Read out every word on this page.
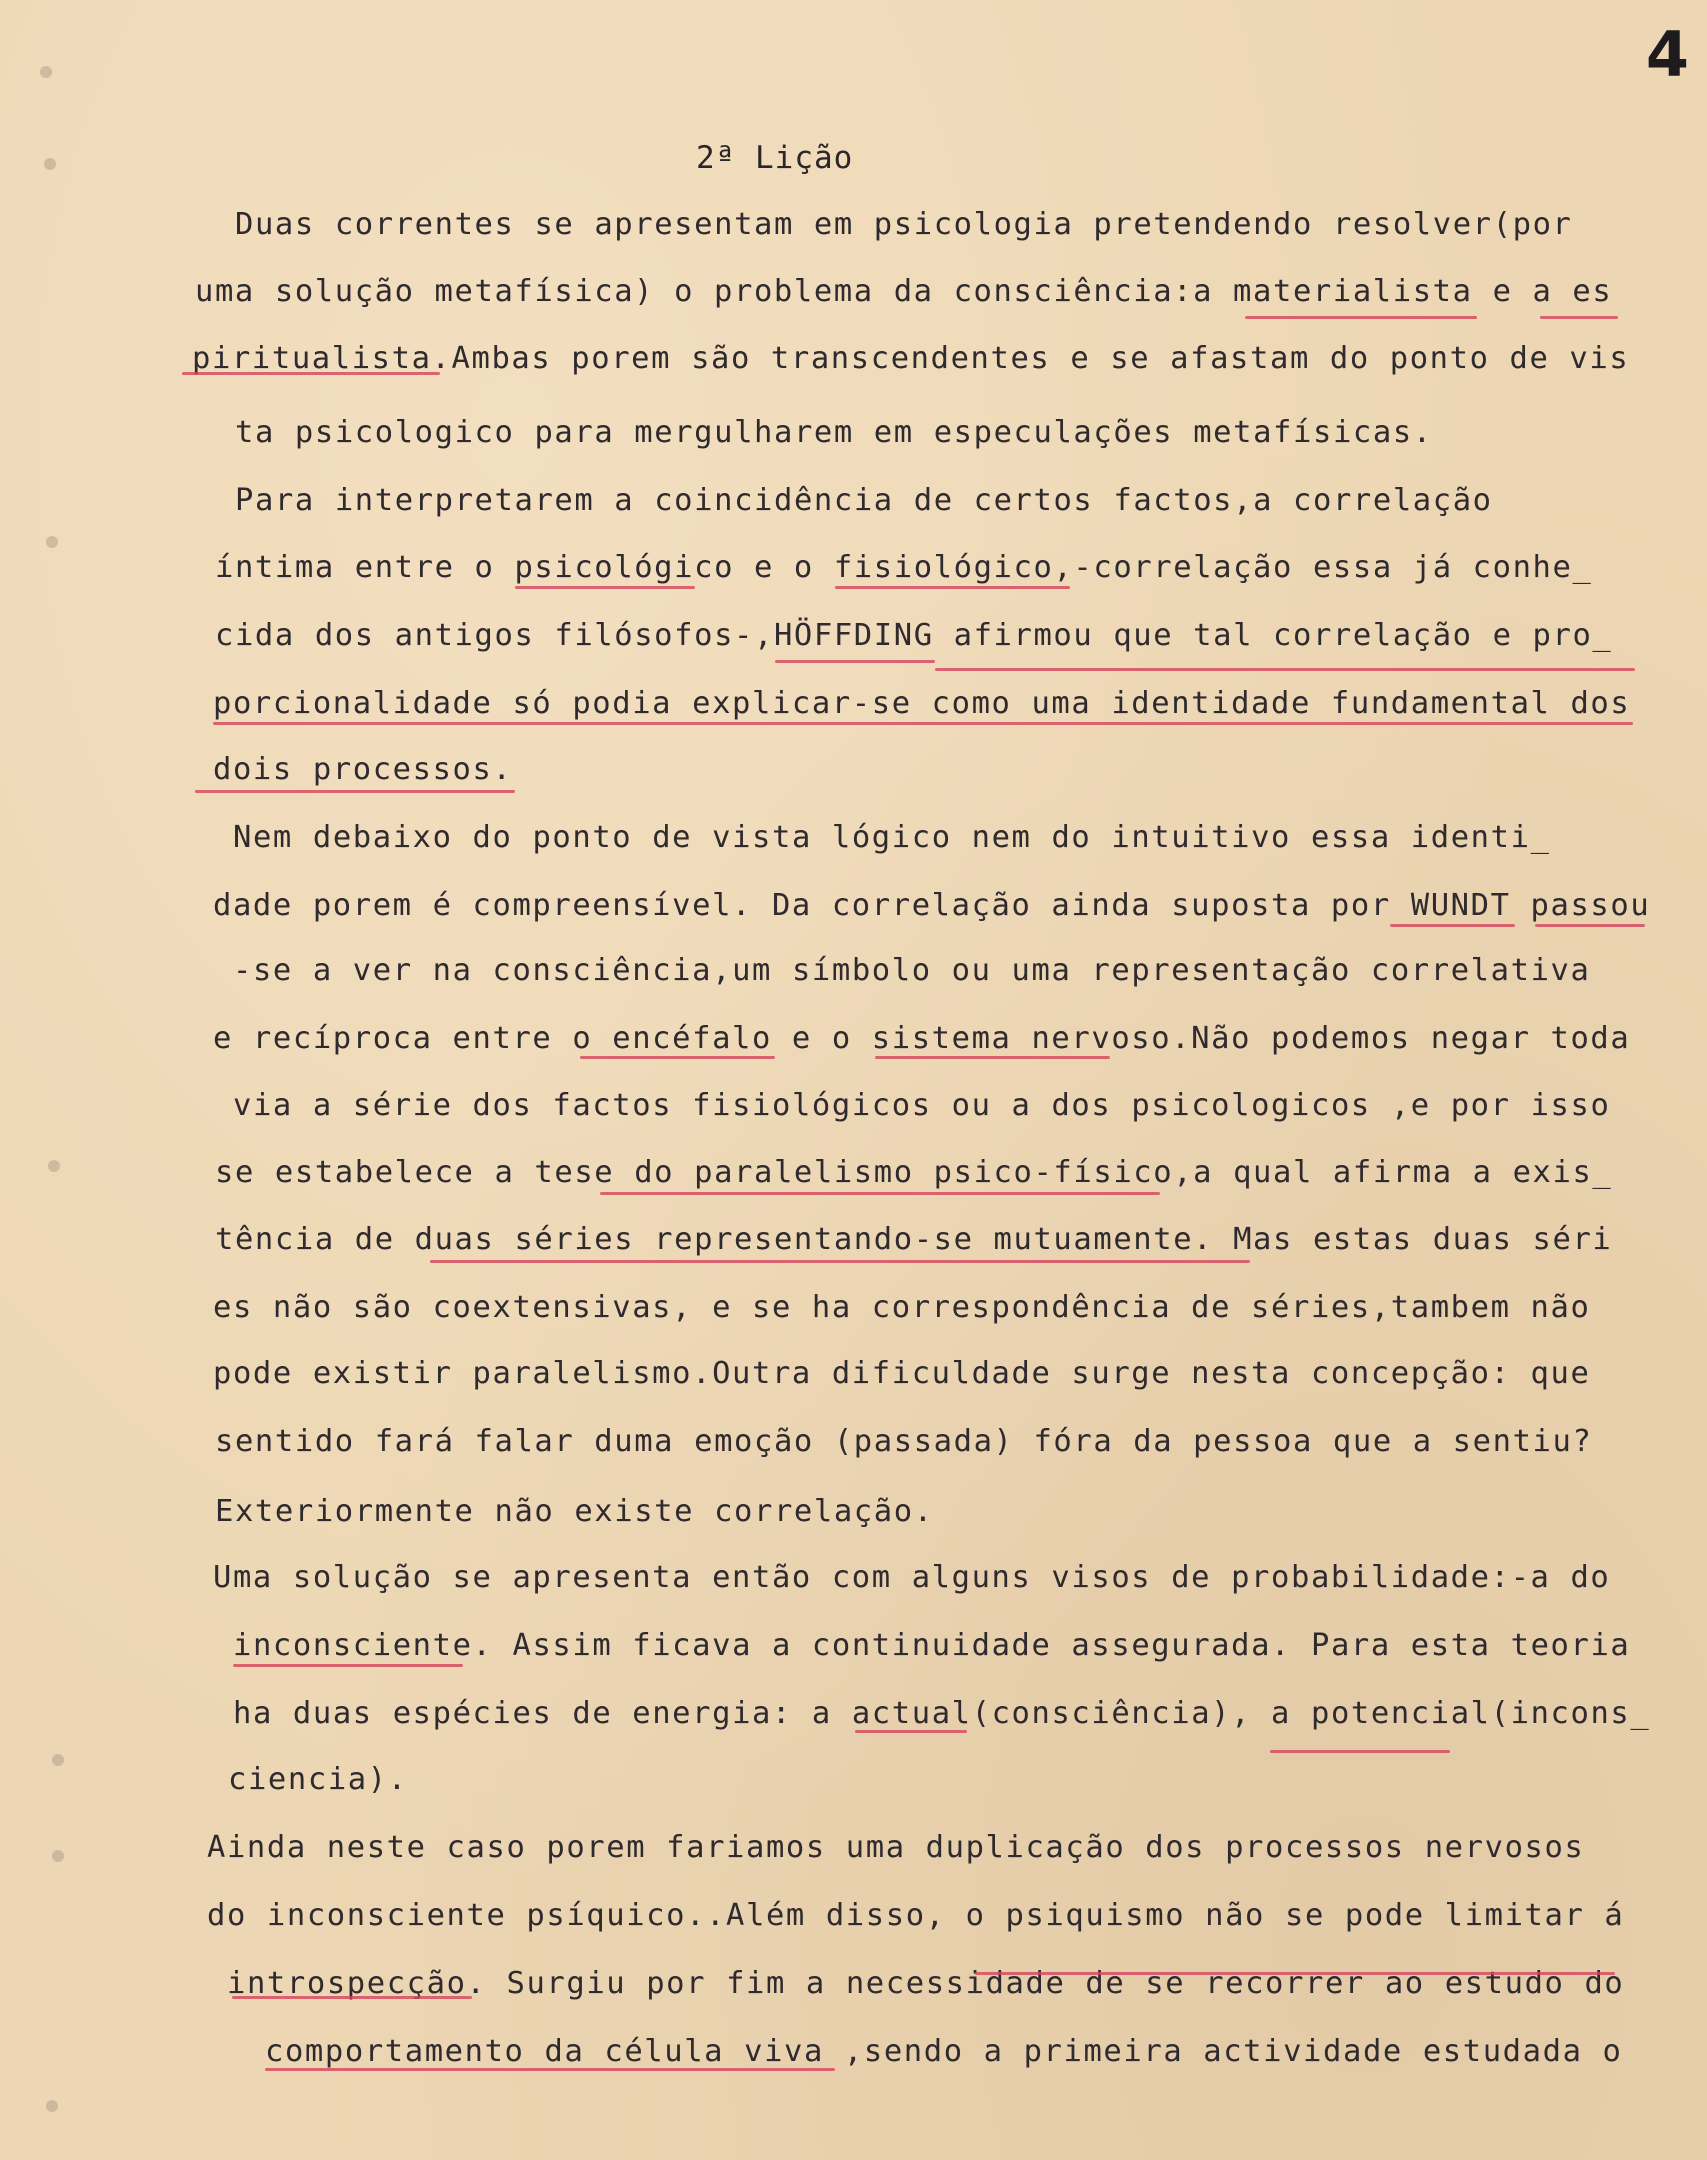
4
2ª Lição
Duas correntes se apresentam em psicologia pretendendo resolver(por
uma solução metafísica) o problema da consciência:a materialista e a es
piritualista.Ambas porem são transcendentes e se afastam do ponto de vis
ta psicologico para mergulharem em especulações metafísicas.
Para interpretarem a coincidência de certos factos,a correlação
íntima entre o psicológico e o fisiológico,-correlação essa já conhe_
cida dos antigos filósofos-,HÖFFDING afirmou que tal correlação e pro_
porcionalidade só podia explicar-se como uma identidade fundamental dos
dois processos.
Nem debaixo do ponto de vista lógico nem do intuitivo essa identi_
dade porem é compreensível. Da correlação ainda suposta por WUNDT passou
-se a ver na consciência,um símbolo ou uma representação correlativa
e recíproca entre o encéfalo e o sistema nervoso.Não podemos negar toda
via a série dos factos fisiológicos ou a dos psicologicos ,e por isso
se estabelece a tese do paralelismo psico-físico,a qual afirma a exis_
tência de duas séries representando-se mutuamente. Mas estas duas séri
es não são coextensivas, e se ha correspondência de séries,tambem não
pode existir paralelismo.Outra dificuldade surge nesta concepção: que
sentido fará falar duma emoção (passada) fóra da pessoa que a sentiu?
Exteriormente não existe correlação.
Uma solução se apresenta então com alguns visos de probabilidade:-a do
inconsciente. Assim ficava a continuidade assegurada. Para esta teoria
ha duas espécies de energia: a actual(consciência), a potencial(incons_
ciencia).
Ainda neste caso porem fariamos uma duplicação dos processos nervosos
do inconsciente psíquico..Além disso, o psiquismo não se pode limitar á
introspecção. Surgiu por fim a necessidade de se recorrer ao estudo do
comportamento da célula viva ,sendo a primeira actividade estudada o
